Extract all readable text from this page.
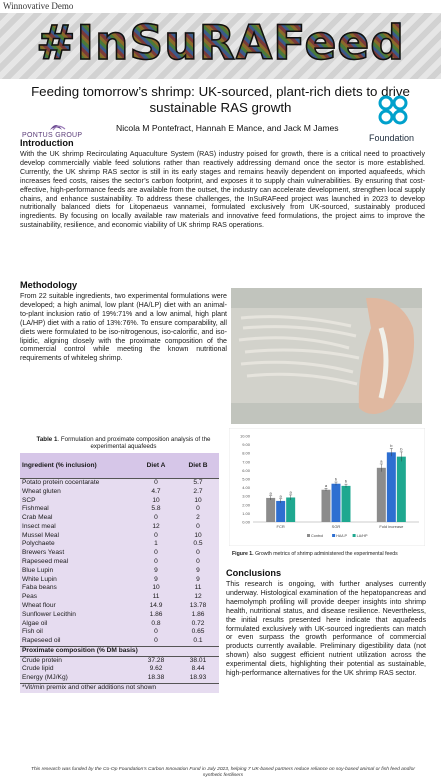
Winnovative Demo
#InSuRAFeed
Feeding tomorrow’s shrimp: UK-sourced, plant-rich diets to drive sustainable RAS growth
PONTUS GROUP
Nicola M Pontefract, Hannah E Mance, and Jack M James
Foundation
Introduction
With the UK shrimp Recirculating Aquaculture System (RAS) industry poised for growth, there is a critical need to proactively develop commercially viable feed solutions rather than reactively addressing demand once the sector is more established. Currently, the UK shrimp RAS sector is still in its early stages and remains heavily dependent on imported aquafeeds, which increases feed costs, raises the sector’s carbon footprint, and exposes it to supply chain vulnerabilities. By ensuring that cost-effective, high-performance feeds are available from the outset, the industry can accelerate development, strengthen local supply chains, and enhance sustainability. To address these challenges, the InSuRAFeed project was launched in 2023 to develop nutritionally balanced diets for Litopenaeus vannamei, formulated exclusively from UK-sourced, sustainably produced ingredients. By focusing on locally available raw materials and innovative feed formulations, the project aims to improve the sustainability, resilience, and economic viability of UK shrimp RAS operations.
Methodology
From 22 suitable ingredients, two experimental formulations were developed; a high animal, low plant (HA/LP) diet with an animal-to-plant inclusion ratio of 19%:71% and a low animal, high plant (LA/HP) diet with a ratio of 13%:76%. To ensure comparability, all diets were formulated to be iso-nitrogenous, iso-calorific, and iso-lipidic, aligning closely with the proximate composition of the commercial control while meeting the known nutritional requirements of whiteleg shrimp.
Table 1. Formulation and proximate composition analysis of the experimental aquafeeds
Ingredient (% inclusion)	Diet A	Diet B
Potato protein cocentarate	0	5.7
Wheat gluten	4.7	2.7
SCP	10	10
Fishmeal	5.8	0
Crab Meal	0	2
Insect meal	12	0
Mussel Meal	0	10
Polychaete	1	0.5
Brewers Yeast	0	0
Rapeseed meal	0	0
Blue Lupin	9	9
White Lupin	9	9
Faba beans	10	11
Peas	11	12
Wheat flour	14.9	13.78
Sunflower Lecithin	1.86	1.86
Algae oil	0.8	0.72
Fish oil	0	0.65
Rapeseed oil	0	0.1
Proximate composition (% DM basis)		
Crude protein	37.28	38.01
Crude lipid	9.62	8.44
Energy (MJ/Kg)	18.38	18.93
*Vit/min premix and other additions not shown		
0.00
1.00
2.00
3.00
4.00
5.00
6.00
7.00
8.00
9.00
10.00
a
a
a
FCR
a
b b
SGR
a
b
b
Fold increase
Control	HA/LP	LA/HP
Figure 1. Growth metrics of shrimp administered the experimental feeds
Conclusions
This research is ongoing, with further analyses currently underway. Histological examination of the hepatopancreas and haemolymph profiling will provide deeper insights into shrimp health, nutritional status, and disease resilience. Nevertheless, the initial results presented here indicate that aquafeeds formulated exclusively with UK-sourced ingredients can match or even surpass the growth performance of commercial products currently available. Preliminary digestibility data (not shown) also suggest efficient nutrient utilization across the experimental diets, highlighting their potential as sustainable, high-performance alternatives for the UK shrimp RAS sector.
This research was funded by the Co-Op Foundation’s Carbon Innovation Fund in July 2023, helping 7 UK-based partners reduce reliance on soy-based animal or fish feed and/or synthetic fertilisers
